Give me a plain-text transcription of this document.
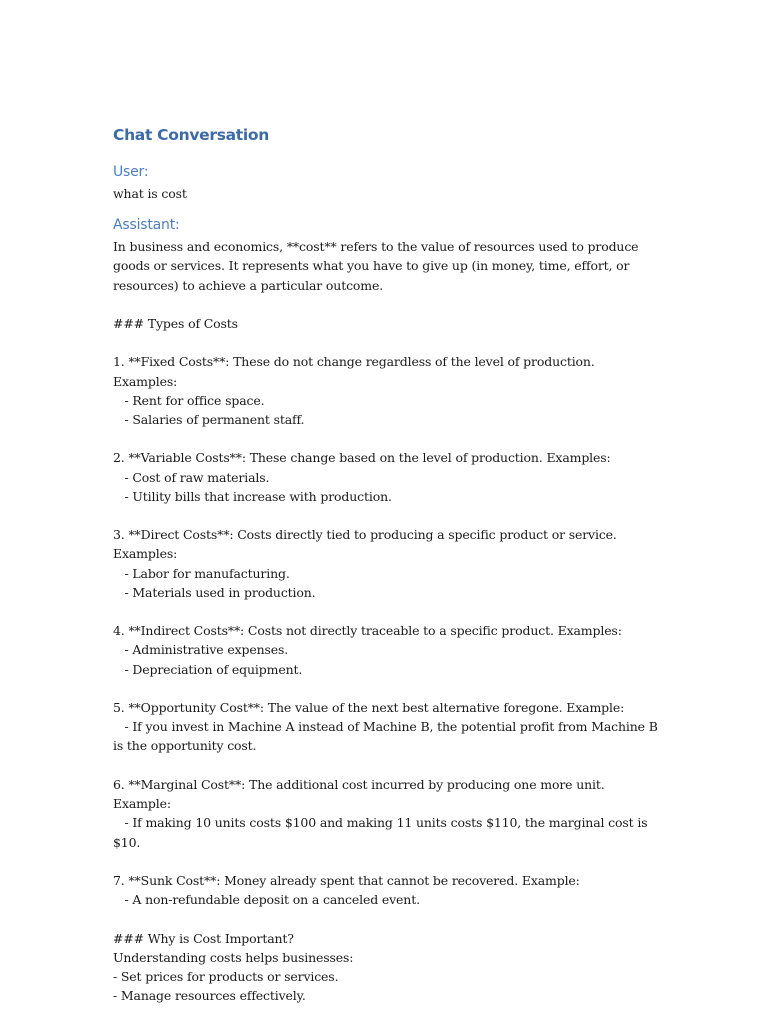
Chat Conversation
User:
what is cost
Assistant:
In business and economics, **cost** refers to the value of resources used to produce goods or services. It represents what you have to give up (in money, time, effort, or resources) to achieve a particular outcome.

### Types of Costs

1. **Fixed Costs**: These do not change regardless of the level of production. Examples:
- Rent for office space.
- Salaries of permanent staff.

2. **Variable Costs**: These change based on the level of production. Examples:
- Cost of raw materials.
- Utility bills that increase with production.

3. **Direct Costs**: Costs directly tied to producing a specific product or service. Examples:
- Labor for manufacturing.
- Materials used in production.

4. **Indirect Costs**: Costs not directly traceable to a specific product. Examples:
- Administrative expenses.
- Depreciation of equipment.

5. **Opportunity Cost**: The value of the next best alternative foregone. Example:
- If you invest in Machine A instead of Machine B, the potential profit from Machine B is the opportunity cost.

6. **Marginal Cost**: The additional cost incurred by producing one more unit. Example:
- If making 10 units costs $100 and making 11 units costs $110, the marginal cost is $10.

7. **Sunk Cost**: Money already spent that cannot be recovered. Example:
- A non-refundable deposit on a canceled event.

### Why is Cost Important?
Understanding costs helps businesses:
- Set prices for products or services.
- Manage resources effectively.
